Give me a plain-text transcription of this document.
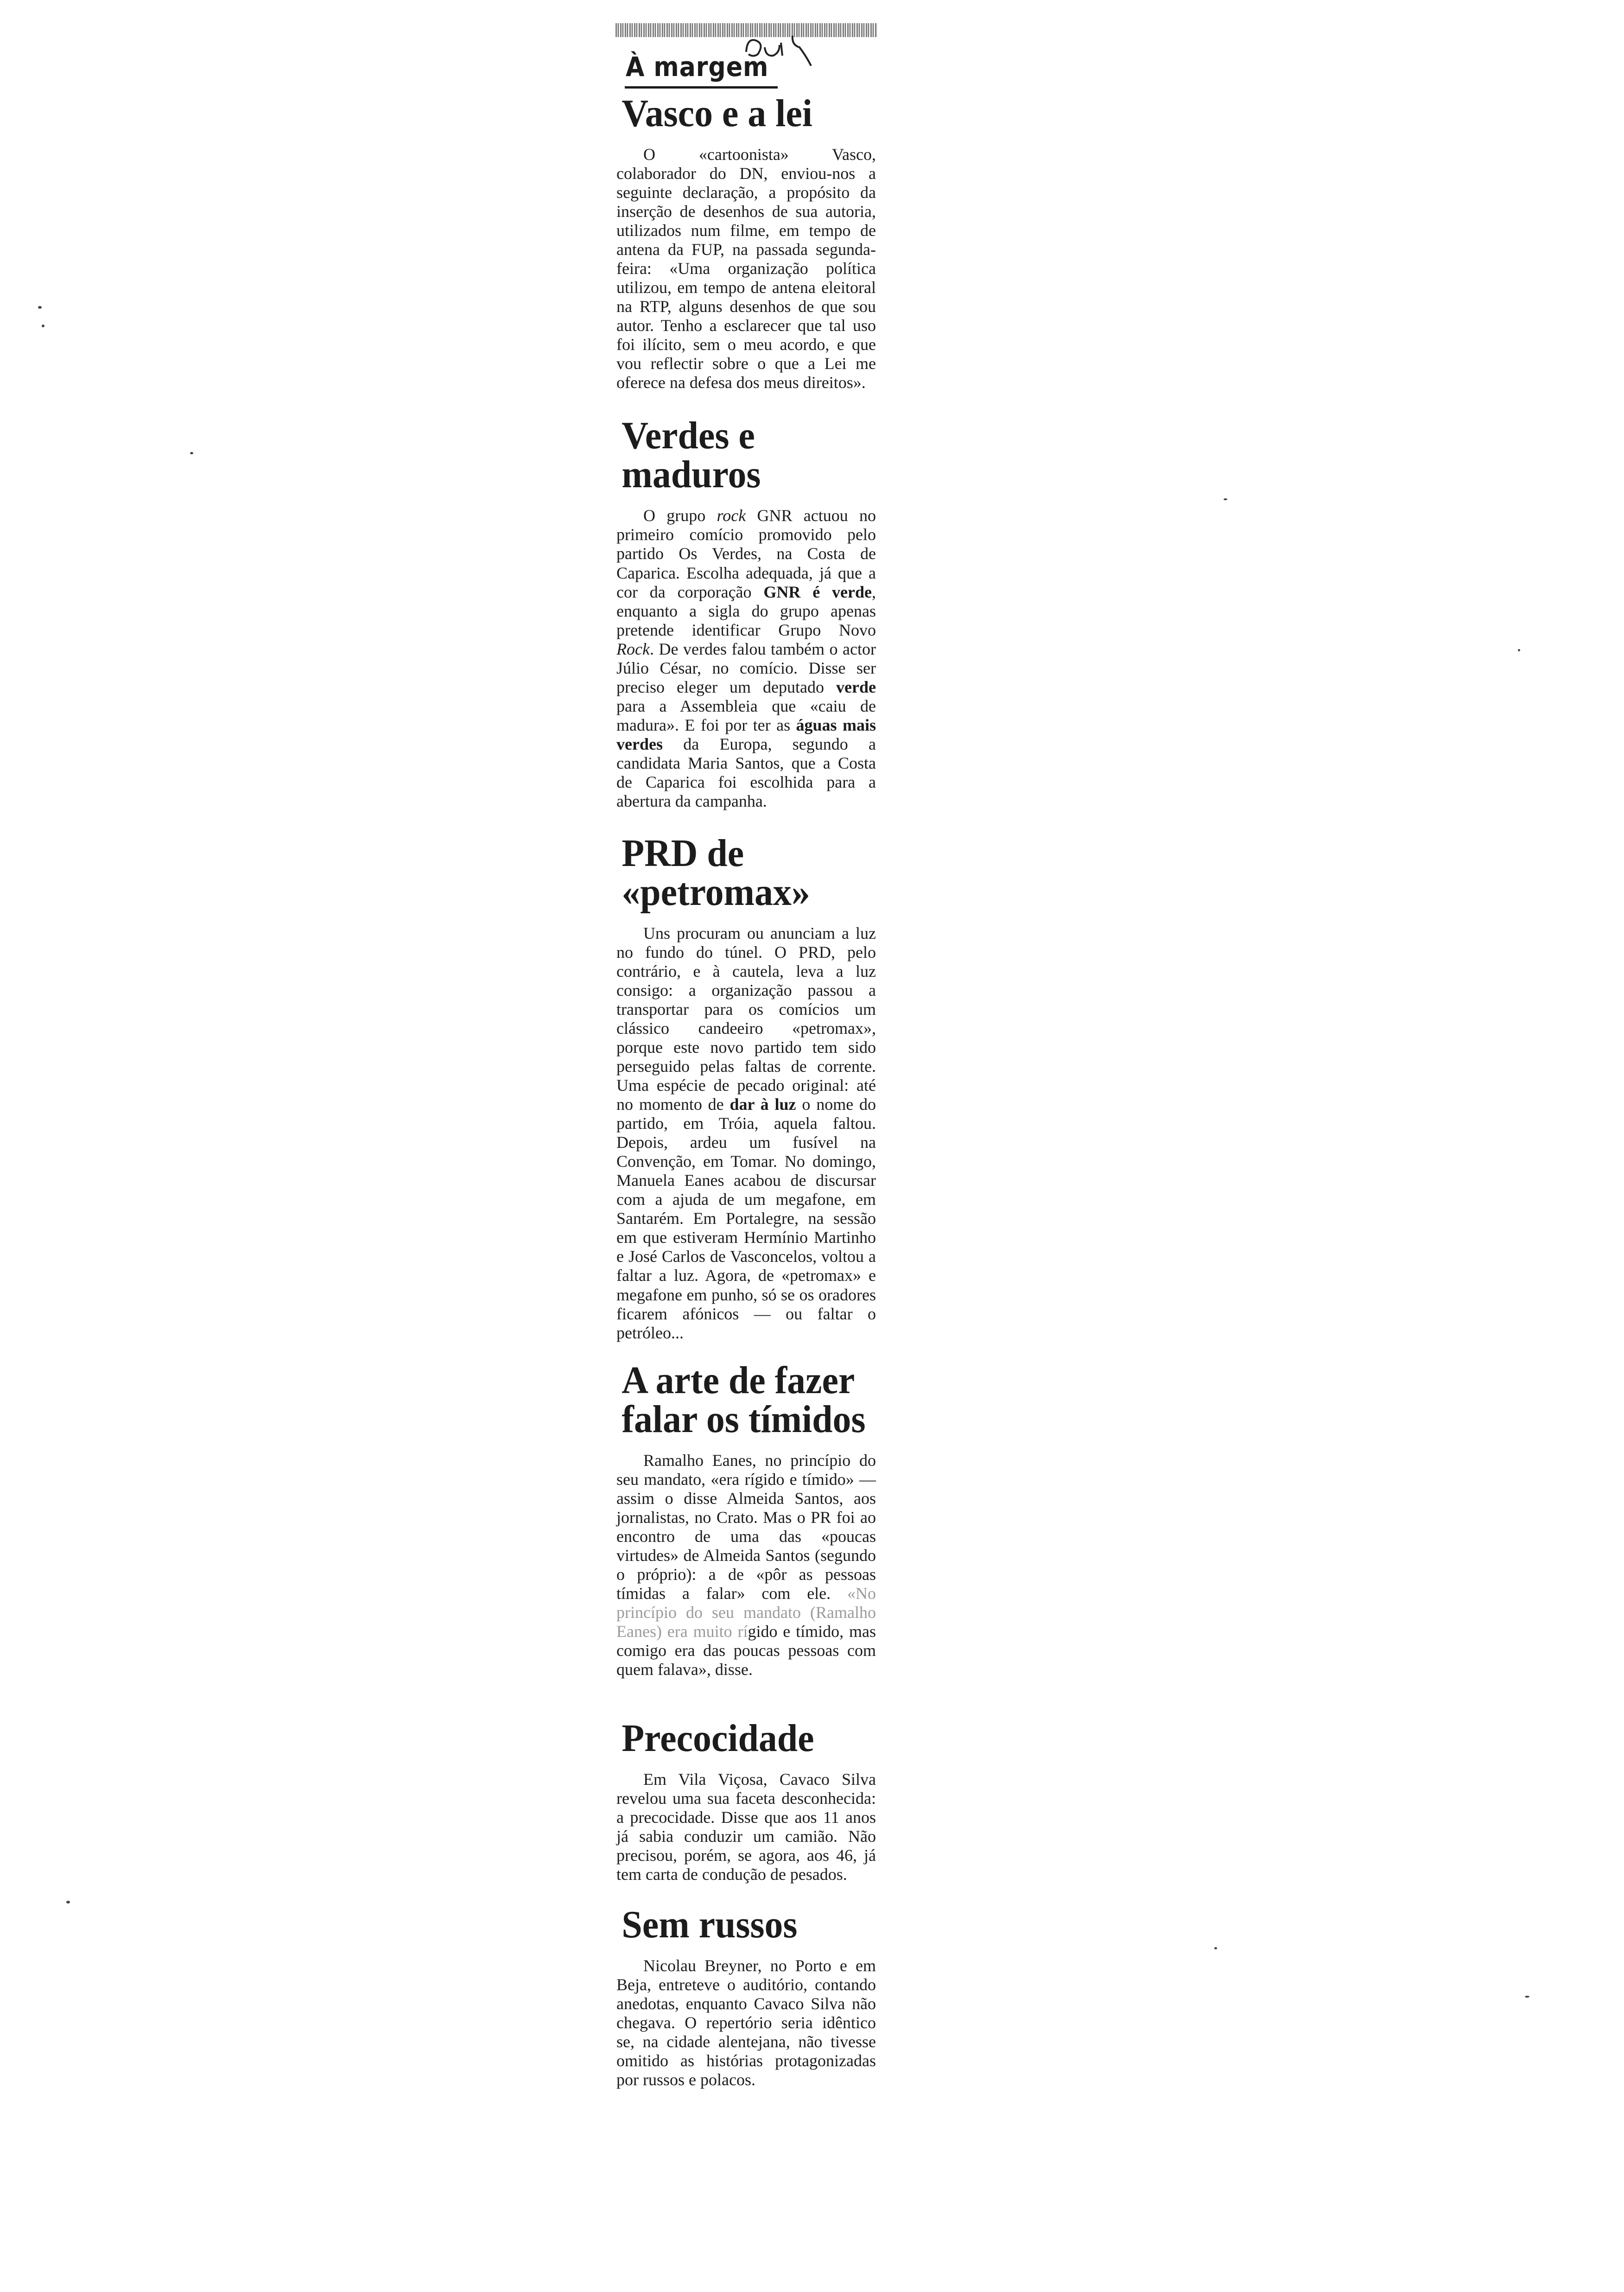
À margem
Vasco e a lei

O «cartoonista» Vasco, colaborador do DN, enviou-nos a seguinte declaração, a propósito da inserção de desenhos de sua autoria, utilizados num filme, em tempo de antena da FUP, na passada segunda-feira: «Uma organização política utilizou, em tempo de antena eleitoral na RTP, alguns desenhos de que sou autor. Tenho a esclarecer que tal uso foi ilícito, sem o meu acordo, e que vou reflectir sobre o que a Lei me oferece na defesa dos meus direitos».

Verdes e maduros

O grupo rock GNR actuou no primeiro comício promovido pelo partido Os Verdes, na Costa de Caparica. Escolha adequada, já que a cor da corporação GNR é verde, enquanto a sigla do grupo apenas pretende identificar Grupo Novo Rock. De verdes falou também o actor Júlio César, no comício. Disse ser preciso eleger um deputado verde para a Assembleia que «caiu de madura». E foi por ter as águas mais verdes da Europa, segundo a candidata Maria Santos, que a Costa de Caparica foi escolhida para a abertura da campanha.

PRD de «petromax»

Uns procuram ou anunciam a luz no fundo do túnel. O PRD, pelo contrário, e à cautela, leva a luz consigo: a organização passou a transportar para os comícios um clássico candeeiro «petromax», porque este novo partido tem sido perseguido pelas faltas de corrente. Uma espécie de pecado original: até no momento de dar à luz o nome do partido, em Tróia, aquela faltou. Depois, ardeu um fusível na Convenção, em Tomar. No domingo, Manuela Eanes acabou de discursar com a ajuda de um megafone, em Santarém. Em Portalegre, na sessão em que estiveram Hermínio Martinho e José Carlos de Vasconcelos, voltou a faltar a luz. Agora, de «petromax» e megafone em punho, só se os oradores ficarem afónicos — ou faltar o petróleo...

A arte de fazer falar os tímidos

Ramalho Eanes, no princípio do seu mandato, «era rígido e tímido» — assim o disse Almeida Santos, aos jornalistas, no Crato. Mas o PR foi ao encontro de uma das «poucas virtudes» de Almeida Santos (segundo o próprio): a de «pôr as pessoas tímidas a falar» com ele. «No princípio do seu mandato (Ramalho Eanes) era muito rígido e tímido, mas comigo era das poucas pessoas com quem falava», disse.

Precocidade

Em Vila Viçosa, Cavaco Silva revelou uma sua faceta desconhecida: a precocidade. Disse que aos 11 anos já sabia conduzir um camião. Não precisou, porém, se agora, aos 46, já tem carta de condução de pesados.

Sem russos

Nicolau Breyner, no Porto e em Beja, entreteve o auditório, contando anedotas, enquanto Cavaco Silva não chegava. O repertório seria idêntico se, na cidade alentejana, não tivesse omitido as histórias protagonizadas por russos e polacos.
